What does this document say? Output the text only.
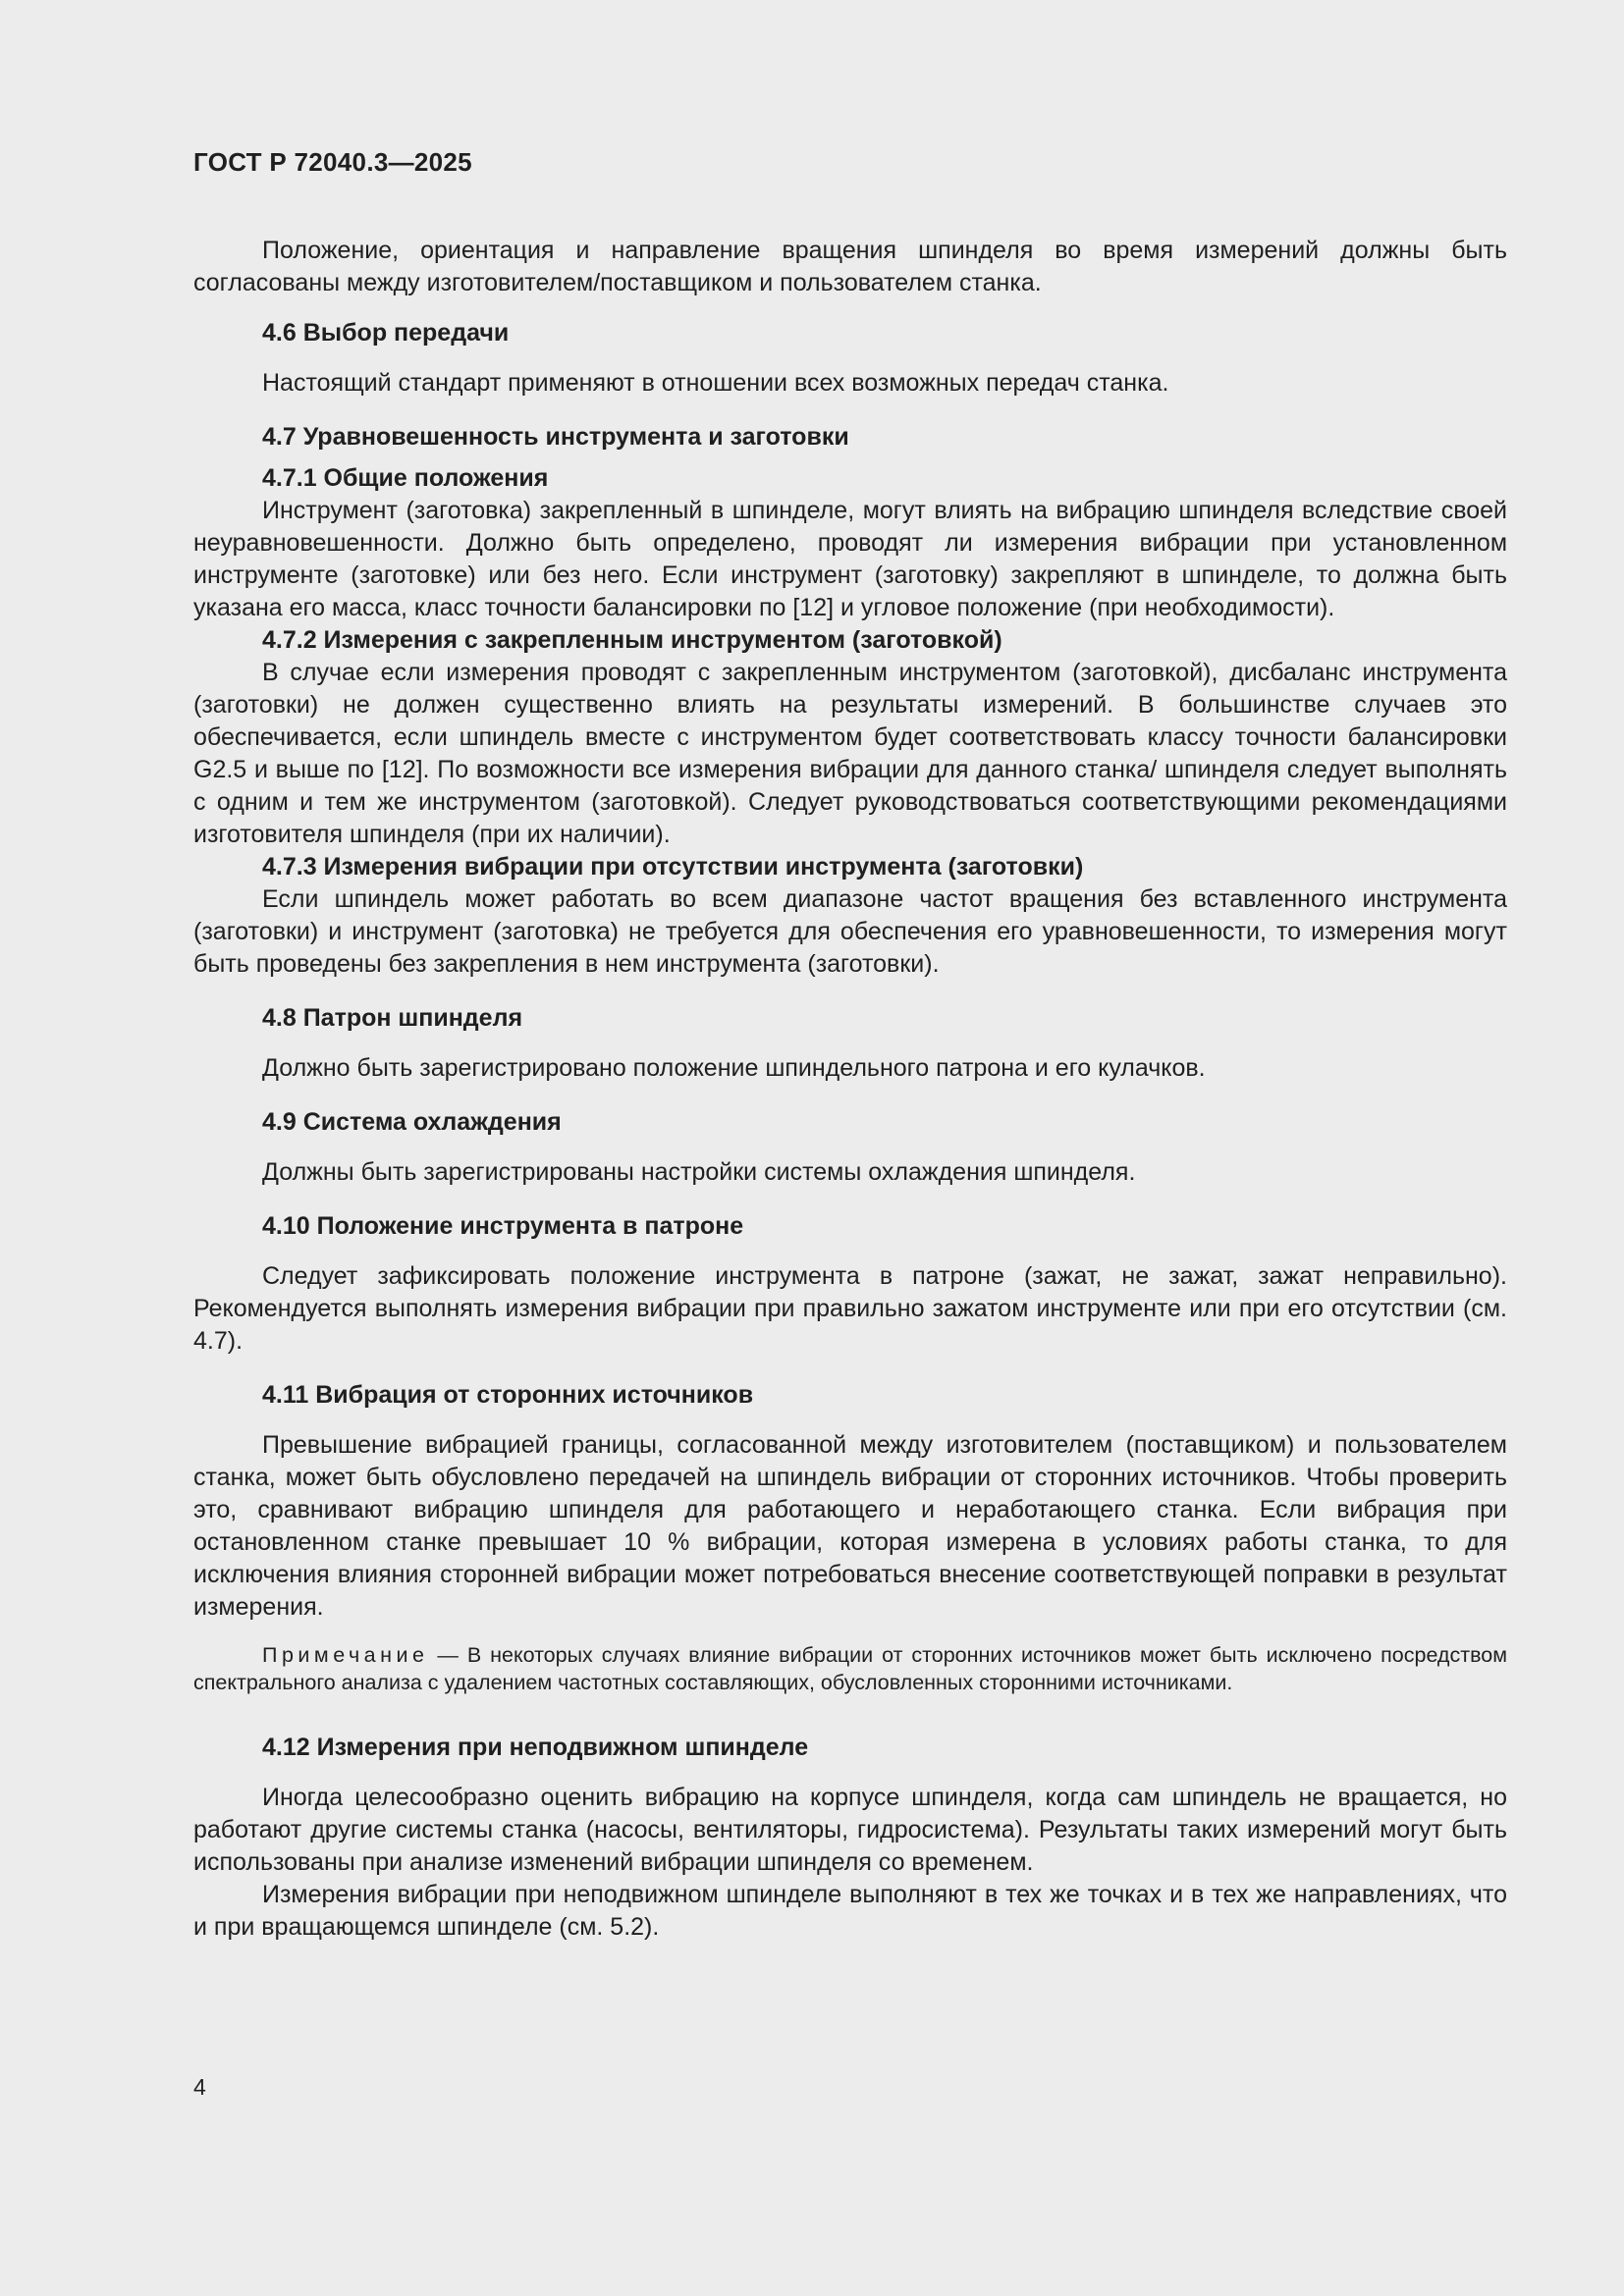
ГОСТ Р 72040.3—2025

Положение, ориентация и направление вращения шпинделя во время измерений должны быть согласованы между изготовителем/поставщиком и пользователем станка.

4.6 Выбор передачи

Настоящий стандарт применяют в отношении всех возможных передач станка.

4.7 Уравновешенность инструмента и заготовки
4.7.1 Общие положения

Инструмент (заготовка) закрепленный в шпинделе, могут влиять на вибрацию шпинделя вследствие своей неуравновешенности. Должно быть определено, проводят ли измерения вибрации при установленном инструменте (заготовке) или без него. Если инструмент (заготовку) закрепляют в шпинделе, то должна быть указана его масса, класс точности балансировки по [12] и угловое положение (при необходимости).

4.7.2 Измерения с закрепленным инструментом (заготовкой)

В случае если измерения проводят с закрепленным инструментом (заготовкой), дисбаланс инструмента (заготовки) не должен существенно влиять на результаты измерений. В большинстве случаев это обеспечивается, если шпиндель вместе с инструментом будет соответствовать классу точности балансировки G2.5 и выше по [12]. По возможности все измерения вибрации для данного станка/ шпинделя следует выполнять с одним и тем же инструментом (заготовкой). Следует руководствоваться соответствующими рекомендациями изготовителя шпинделя (при их наличии).

4.7.3 Измерения вибрации при отсутствии инструмента (заготовки)

Если шпиндель может работать во всем диапазоне частот вращения без вставленного инструмента (заготовки) и инструмент (заготовка) не требуется для обеспечения его уравновешенности, то измерения могут быть проведены без закрепления в нем инструмента (заготовки).

4.8 Патрон шпинделя

Должно быть зарегистрировано положение шпиндельного патрона и его кулачков.

4.9 Система охлаждения

Должны быть зарегистрированы настройки системы охлаждения шпинделя.

4.10 Положение инструмента в патроне

Следует зафиксировать положение инструмента в патроне (зажат, не зажат, зажат неправильно). Рекомендуется выполнять измерения вибрации при правильно зажатом инструменте или при его отсутствии (см. 4.7).

4.11 Вибрация от сторонних источников

Превышение вибрацией границы, согласованной между изготовителем (поставщиком) и пользователем станка, может быть обусловлено передачей на шпиндель вибрации от сторонних источников. Чтобы проверить это, сравнивают вибрацию шпинделя для работающего и неработающего станка. Если вибрация при остановленном станке превышает 10 % вибрации, которая измерена в условиях работы станка, то для исключения влияния сторонней вибрации может потребоваться внесение соответствующей поправки в результат измерения.

Примечание — В некоторых случаях влияние вибрации от сторонних источников может быть исключено посредством спектрального анализа с удалением частотных составляющих, обусловленных сторонними источниками.

4.12 Измерения при неподвижном шпинделе

Иногда целесообразно оценить вибрацию на корпусе шпинделя, когда сам шпиндель не вращается, но работают другие системы станка (насосы, вентиляторы, гидросистема). Результаты таких измерений могут быть использованы при анализе изменений вибрации шпинделя со временем.

Измерения вибрации при неподвижном шпинделе выполняют в тех же точках и в тех же направлениях, что и при вращающемся шпинделе (см. 5.2).

4
